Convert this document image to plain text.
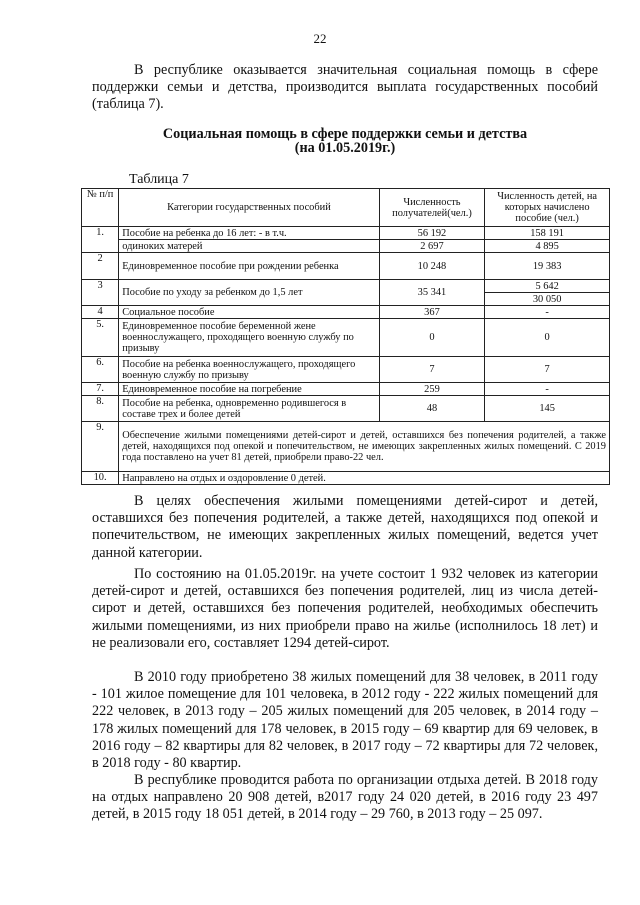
22

В республике оказывается значительная социальная помощь в сфере поддержки семьи и детства, производится выплата государственных пособий (таблица 7).

Социальная помощь в сфере поддержки семьи и детства
(на 01.05.2019г.)
Таблица 7
№ п/п	Категории государственных пособий	Численность получателей(чел.)	Численность детей, на которых начислено пособие (чел.)
1.	Пособие на ребенка до 16 лет: - в т.ч.	56 192	158 191
	одиноких матерей	2 697	4 895
2	Единовременное пособие при рождении ребенка	10 248	19 383
3	Пособие по уходу за ребенком до 1,5 лет	35 341	5 642
			30 050
4	Социальное пособие	367	-
5.	Единовременное пособие беременной жене военнослужащего, проходящего военную службу по призыву	0	0
6.	Пособие на ребенка военнослужащего, проходящего военную службу по призыву	7	7
7.	Единовременное пособие на погребение	259	-
8.	Пособие на ребенка, одновременно родившегося в составе трех и более детей	48	145
9.	Обеспечение жилыми помещениями детей-сирот и детей, оставшихся без попечения родителей, а также детей, находящихся под опекой и попечительством, не имеющих закрепленных жилых помещений. С 2019 года поставлено на учет 81 детей, приобрели право-22 чел.		
10.	Направлено на отдых и оздоровление 0 детей.		

В целях обеспечения жилыми помещениями детей-сирот и детей, оставшихся без попечения родителей, а также детей, находящихся под опекой и попечительством, не имеющих закрепленных жилых помещений, ведется учет данной категории.

По состоянию на 01.05.2019г. на учете состоит 1 932 человек из категории детей-сирот и детей, оставшихся без попечения родителей, лиц из числа детей-сирот и детей, оставшихся без попечения родителей, необходимых обеспечить жилыми помещениями, из них приобрели право на жилье (исполнилось 18 лет) и не реализовали его, составляет 1294 детей-сирот.

В 2010 году приобретено 38 жилых помещений для 38 человек, в 2011 году - 101 жилое помещение для 101 человека, в 2012 году - 222 жилых помещений для 222 человек, в 2013 году – 205 жилых помещений для 205 человек, в 2014 году – 178 жилых помещений для 178 человек, в 2015 году – 69 квартир для 69 человек, в 2016 году – 82 квартиры для 82 человек, в 2017 году – 72 квартиры для 72 человек, в 2018 году - 80 квартир.

В республике проводится работа по организации отдыха детей. В 2018 году на отдых направлено 20 908 детей, в2017 году 24 020 детей, в 2016 году 23 497 детей, в 2015 году 18 051 детей, в 2014 году – 29 760, в 2013 году – 25 097.
